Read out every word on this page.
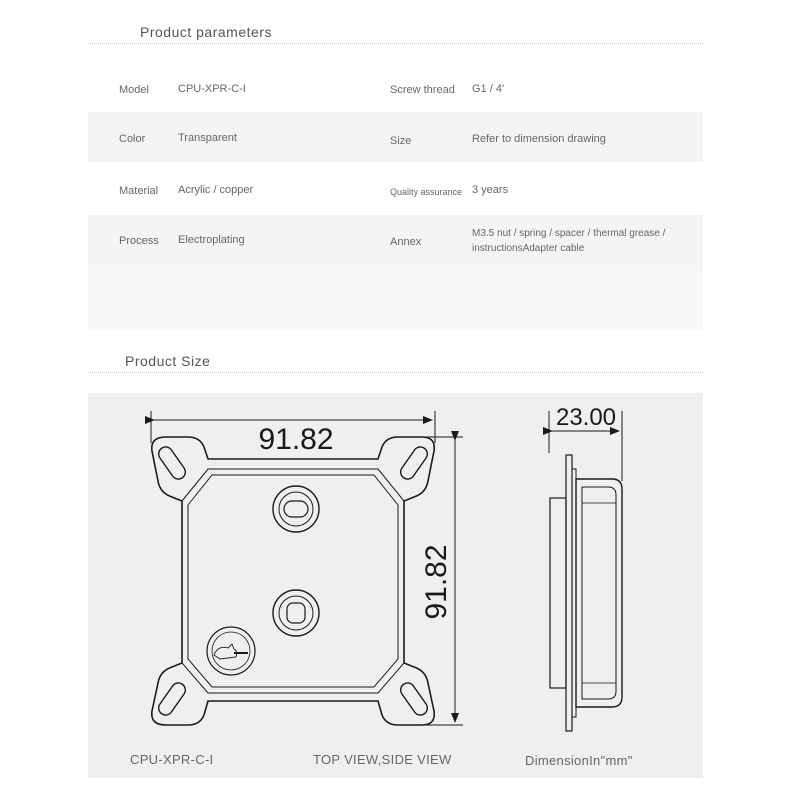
Product parameters
Model	CPU-XPR-C-I	Screw thread G1 / 4'
Color	Transparent	Size	Refer to dimension drawing
Material Acrylic / copper	Quality assurance 3 years
Process Electroplating	Annex
M3.5 nut / spring / spacer / thermal grease / instructionsAdapter cable
Product Size
91.82
91.82
23.00
CPU-XPR-C-I	TOP VIEW,SIDE VIEW	DimensionIn"mm"
